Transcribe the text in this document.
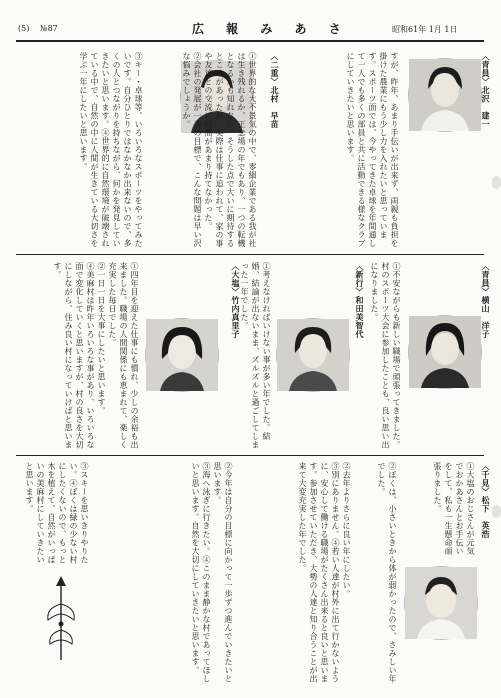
(5) №87	広 報 み あ さ	昭和61年 1月 1日
〈二重〉北村　早苗

①世界的な大不景気の中で、零細企業である我が社は生き残れるか、正念場の年でもあり、一つの転機となるかも知れない。そうした点で大いに期待するところがあったが、実際は仕事に追われて、家の事や友達との交流に時間があまり持てなかった。

②会社の発展が一番の目標で、こんな問題は早い沢な悩みでしょうか。

③キー・卓球等、いろいろなスポーツをやってみたいです。自分ひとりではなかなか出来ないので、多くの人とつながりを持ちながら、何かを発見していきたいと思います。④世界的に自然環境が破壊されている中で、自然の中に人間が生きている大切さを学ぶ一年にしたいと思います。	〈青員〉北沢　建一

すが、昨年、あまり手伝いが出来ず、両親も負担を掛けた農業にもう少し力を入れたいと思っています。スポーツ面では、今やってきた卓球を年間通して一人でも多くの部員と共に活動できる様なクラブにしていきたいと思います。

〈大塩〉竹内真里子

①四年目を迎えた仕事にも慣れ、少しの余裕も出来ました。職場の人間関係にも恵まれて、楽しく充実した毎日でした。

②一日一日を大事にしたいと思います。

④美麻村は昨年いろいろな事があり、いろいろな面で変化していくと思いますが、村の良さを大切にしながら、住み良い村になっていけばと思います。	〈新行〉和田美智代

①考えなければいけない事が多い年でした。結婚、結論が出ないまま、ズルズルと過ごしてしまった一年でした。	〈青員〉横山　洋子

①不安ながらも新しい職場で頑張ってきました。村のスポーツ大会に参加したことも、良い思い出になりました。

②今年は自分の目標に向かって一歩ずつ進んでいきたいと思います。

③海へ泳ぎに行きたい。④このまま静かな村であってほしいと思います。自然を大切にしていきたいと思います。	②去年よりさらに良い年にしたい。

③別にありません。④若い人達が村外に出て行かないように、安心して働ける職場がたくさん出来ると良いと思います。参加させていただき、大勢の人達と知り合うことが出来て大変充実した年でした。	②ぼくは、小さいときから体が弱かったので、さみしい年でした。	〈千見〉松下　英浩

①大塩のおじさんが元気でおかあさんとお手伝いをして、私も一生懸命頑張りました。

③スキーを思いきりやりたい。④ぼくは緑の少ない村にしたくないので、もっと木を植えて、自然がいっぱいの美麻村にしていきたいと思います。
